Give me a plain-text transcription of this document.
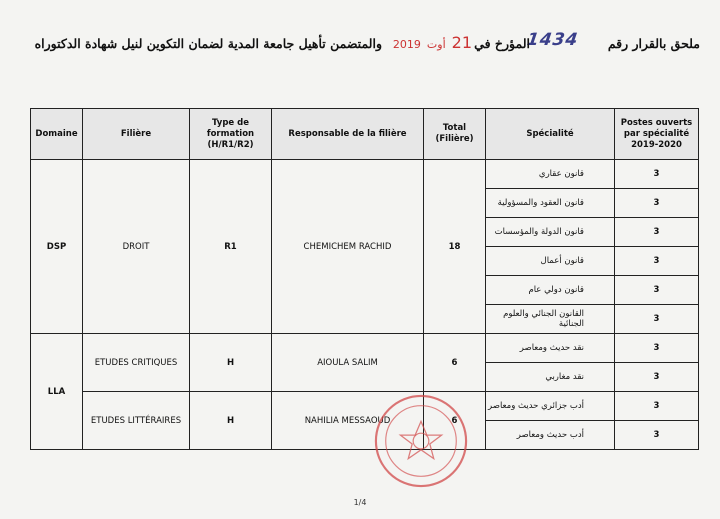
ملحق بالقرار رقم
1434
المؤرخ في
2019 أوت 21
والمتضمن تأهيل جامعة المدية لضمان التكوين لنيل شهادة الدكتوراه
Domaine	Filière	Type de formation (H/R1/R2)	Responsable de la filière	Total (Filière)	Spécialité	Postes ouverts par spécialité 2019-2020
DSP	DROIT	R1	CHEMICHEM RACHID	18	قانون عقاري	3
					قانون العقود والمسؤولية	3
					قانون الدولة والمؤسسات	3
					قانون أعمال	3
					قانون دولي عام	3
					القانون الجنائي والعلوم الجنائية	3
LLA	ETUDES CRITIQUES	H	AIOULA SALIM	6	نقد حديث ومعاصر	3
					نقد مغاربي	3
	ETUDES LITTÉRAIRES	H	NAHILIA MESSAOUD	6	أدب جزائري حديث ومعاصر	3
					أدب حديث ومعاصر	3
1/4
